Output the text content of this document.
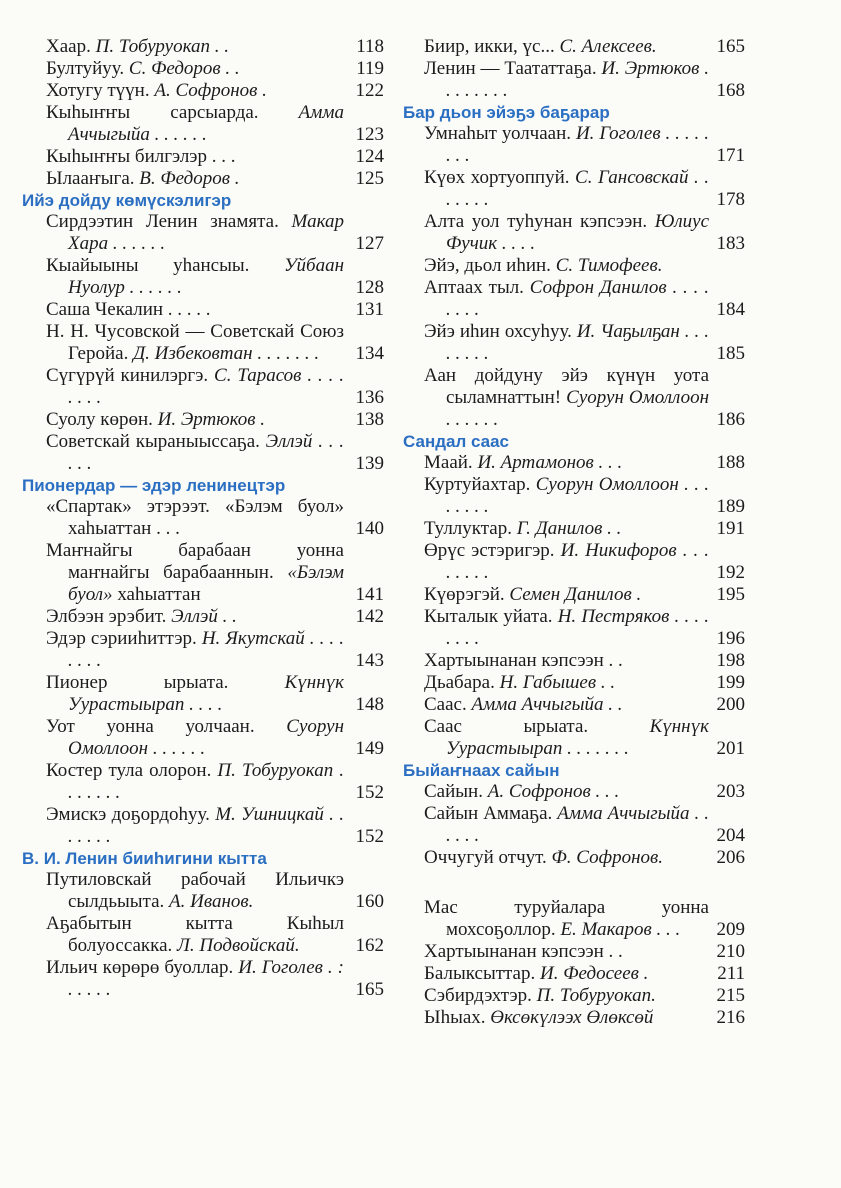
Хаар. П. Тобуруокап . .	118
Бултуйуу. С. Федоров . .	119
Хотугу түүн. А. Софронов .	122
Кыһыҥҥы сарсыарда. Амма Аччыгыйа . . . . . .	123
Кыһыҥҥы билгэлэр . . .	124
Ылааҥыга. В. Федоров .	125
Ийэ дойду көмүскэлигэр
Сирдээтин Ленин знамята. Макар Хара . . . . . .	127
Кыайыыны уһансыы. Уйбаан Нуолур . . . . . .	128
Саша Чекалин . . . . .	131
Н. Н. Чусовской — Советскай Союз Геройа. Д. Избековтан . . . . . . .	134
Сүгүрүй кинилэргэ. С. Тарасов . . . . . . . .	136
Суолу көрөн. И. Эртюков .	138
Советскай кыраныыссаҕа. Эллэй . . . . . .	139
Пионердар — эдэр ленинецтэр
«Спартак» этэрээт. «Бэлэм буол» хаһыаттан . . .	140
Маҥнайгы барабаан уонна маҥнайгы барабааннын. «Бэлэм буол» хаһыаттан	141
Элбээн эрэбит. Эллэй . .	142
Эдэр сэрииһиттэр. Н. Якутскай . . . . . . . .	143
Пионер ырыата.	Күннүк Уурастыырап . . . .	148
Уот уонна уолчаан. Суорун Омоллоон . . . . . .	149
Костер тула олорон. П. Тобуруокап . . . . . . .	152
Эмискэ доҕордоһуу. М. Ушницкай . . . . . . .	152
В. И. Ленин бииһигини кытта
Путиловскай рабочай Ильичкэ сылдьыыта. А. Иванов.	160
Аҕабытын кытта Кыһыл болуоссакка. Л. Подвойскай.	162
Ильич көрөрө буоллар. И. Гоголев . : . . . . .	165
Биир, икки, үс... С. Алексеев.	165
Ленин — Таататтаҕа. И. Эртюков . . . . . . . .	168
Бар дьон эйэҕэ баҕарар
Умнаһыт уолчаан. И. Гоголев . . . . . . . .	171
Күөх хортуоппуй. С. Гансовскай . . . . . . .	178
Алта уол туһунан кэпсээн. Юлиус Фучик . . . .	183
Эйэ, дьол иһин. С. Тимофеев.
Аптаах тыл. Софрон Данилов . . . . . . . .	184
Эйэ иһин охсуһуу. И. Чаҕылҕан . . . . . . . .	185
Аан дойдуну эйэ күнүн уота сыламнаттын! Суорун Омоллоон . . . . . .	186
Сандал саас
Маай. И. Артамонов . . .	188
Куртуйахтар. Суорун Омоллоон . . . . . . . .	189
Туллуктар. Г. Данилов . .	191
Өрүс эстэригэр. И. Никифоров . . . . . . . .	192
Күөрэгэй. Семен Данилов .	195
Кыталык уйата. Н. Пестряков . . . . . . . .	196
Хартыынанан кэпсээн . .	198
Дьабара. Н. Габышев . .	199
Саас. Амма Аччыгыйа . .	200
Саас ырыата.	Күннүк Уурастыырап . . . . . . .	201
Быйаҥнаах сайын
Сайын. А. Софронов . . .	203
Сайын Аммаҕа. Амма Аччыгыйа . . . . . .	204
Оччугуй отчут. Ф. Софронов.	206
Мас туруйалара уонна мохсоҕоллор. Е. Макаров . . .	209
Хартыынанан кэпсээн . .	210
Балыксыттар. И. Федосеев .	211
Сэбирдэхтэр. П. Тобуруокап.	215
Ыһыах. Өксөкүлээх Өлөксөй	216
